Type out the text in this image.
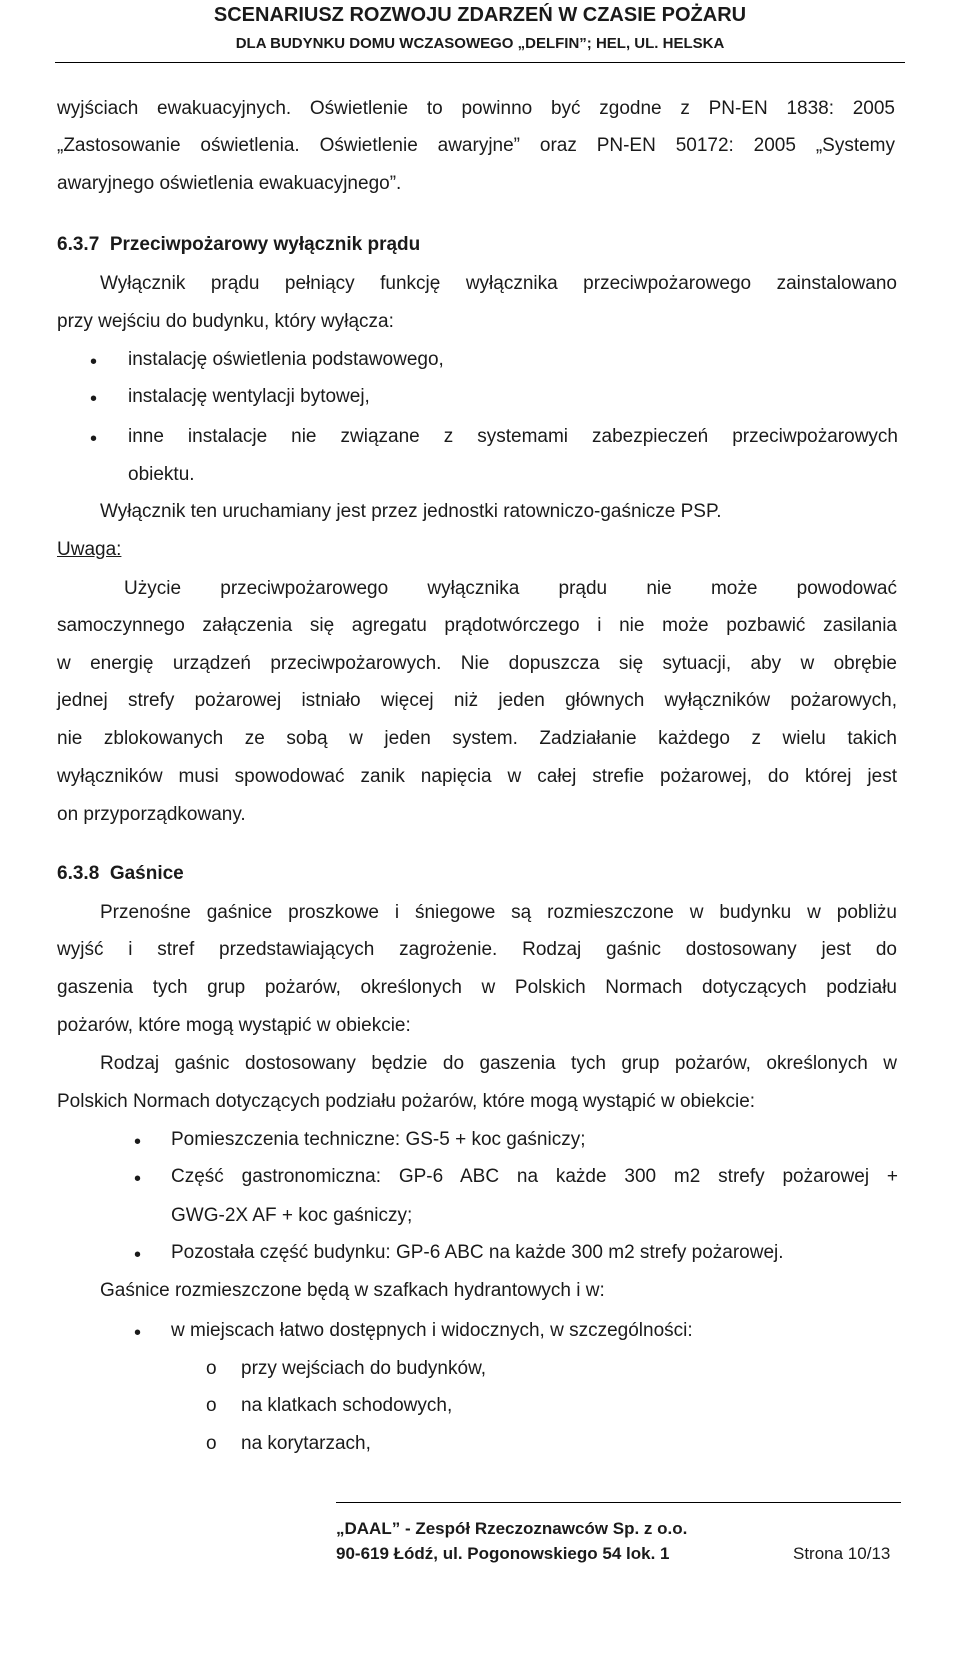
SCENARIUSZ ROZWOJU ZDARZEŃ W CZASIE POŻARU
DLA BUDYNKU DOMU WCZASOWEGO „DELFIN”; HEL, UL. HELSKA
wyjściach ewakuacyjnych. Oświetlenie to powinno być zgodne z PN-EN 1838: 2005
„Zastosowanie oświetlenia. Oświetlenie awaryjne” oraz PN-EN 50172: 2005 „Systemy
awaryjnego oświetlenia ewakuacyjnego”.
6.3.7  Przeciwpożarowy wyłącznik prądu
Wyłącznik prądu pełniący funkcję wyłącznika przeciwpożarowego zainstalowano
przy wejściu do budynku, który wyłącza:
• instalację oświetlenia podstawowego,
• instalację wentylacji bytowej,
• inne instalacje nie związane z systemami zabezpieczeń przeciwpożarowych
obiektu.
Wyłącznik ten uruchamiany jest przez jednostki ratowniczo-gaśnicze PSP.
Uwaga:
Użycie przeciwpożarowego wyłącznika prądu nie może powodować
samoczynnego załączenia się agregatu prądotwórczego i nie może pozbawić zasilania
w energię urządzeń przeciwpożarowych. Nie dopuszcza się sytuacji, aby w obrębie
jednej strefy pożarowej istniało więcej niż jeden głównych wyłączników pożarowych,
nie zblokowanych ze sobą w jeden system. Zadziałanie każdego z wielu takich
wyłączników musi spowodować zanik napięcia w całej strefie pożarowej, do której jest
on przyporządkowany.
6.3.8  Gaśnice
Przenośne gaśnice proszkowe i śniegowe są rozmieszczone w budynku w pobliżu
wyjść i stref przedstawiających zagrożenie. Rodzaj gaśnic dostosowany jest do
gaszenia tych grup pożarów, określonych w Polskich Normach dotyczących podziału
pożarów, które mogą wystąpić w obiekcie:
Rodzaj gaśnic dostosowany będzie do gaszenia tych grup pożarów, określonych w
Polskich Normach dotyczących podziału pożarów, które mogą wystąpić w obiekcie:
• Pomieszczenia techniczne: GS-5 + koc gaśniczy;
• Część gastronomiczna: GP-6 ABC na każde 300 m2 strefy pożarowej +
GWG-2X AF + koc gaśniczy;
• Pozostała część budynku: GP-6 ABC na każde 300 m2 strefy pożarowej.
Gaśnice rozmieszczone będą w szafkach hydrantowych i w:
• w miejscach łatwo dostępnych i widocznych, w szczególności:
o przy wejściach do budynków,
o na klatkach schodowych,
o na korytarzach,
„DAAL” - Zespół Rzeczoznawców Sp. z o.o.
90-619 Łódź, ul. Pogonowskiego 54 lok. 1	Strona 10/13
